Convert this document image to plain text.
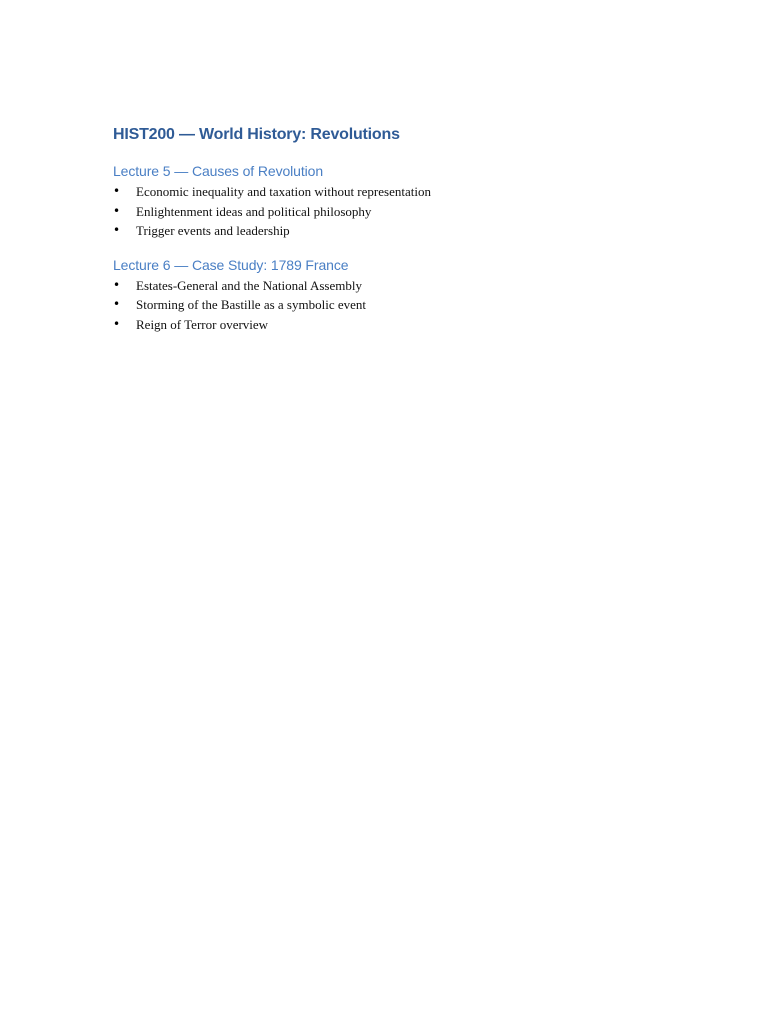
HIST200 — World History: Revolutions
Lecture 5 — Causes of Revolution
•	Economic inequality and taxation without representation
•	Enlightenment ideas and political philosophy
•	Trigger events and leadership
Lecture 6 — Case Study: 1789 France
•	Estates-General and the National Assembly
•	Storming of the Bastille as a symbolic event
•	Reign of Terror overview
